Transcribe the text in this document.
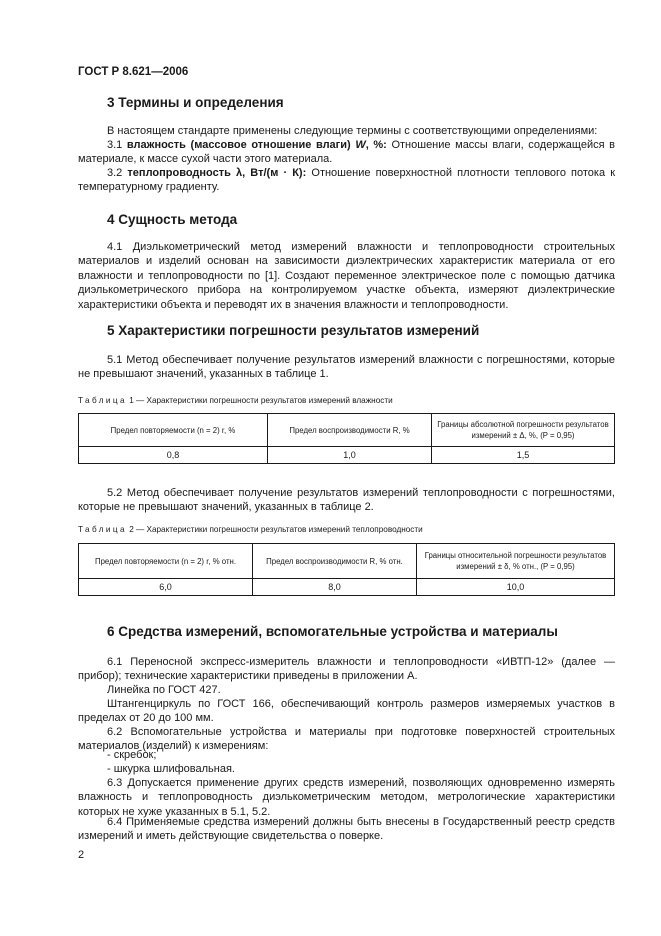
ГОСТ Р 8.621—2006
3 Термины и определения
В настоящем стандарте применены следующие термины с соответствующими определениями:
3.1 влажность (массовое отношение влаги) W, %: Отношение массы влаги, содержащейся в материале, к массе сухой части этого материала.
3.2 теплопроводность λ, Вт/(м · К): Отношение поверхностной плотности теплового потока к температурному градиенту.
4 Сущность метода
4.1 Диэлькометрический метод измерений влажности и теплопроводности строительных материалов и изделий основан на зависимости диэлектрических характеристик материала от его влажности и теплопроводности по [1]. Создают переменное электрическое поле с помощью датчика диэлькометрического прибора на контролируемом участке объекта, измеряют диэлектрические характеристики объекта и переводят их в значения влажности и теплопроводности.
5 Характеристики погрешности результатов измерений
5.1 Метод обеспечивает получение результатов измерений влажности с погрешностями, которые не превышают значений, указанных в таблице 1.
Таблица 1 — Характеристики погрешности результатов измерений влажности
Предел повторяемости (n = 2) r, %	Предел воспроизводимости R, %	Границы абсолютной погрешности результатов измерений ± Δ, %, (P = 0,95)
0,8	1,0	1,5
5.2 Метод обеспечивает получение результатов измерений теплопроводности с погрешностями, которые не превышают значений, указанных в таблице 2.
Таблица 2 — Характеристики погрешности результатов измерений теплопроводности
Предел повторяемости (n = 2) r, % отн.	Предел воспроизводимости R, % отн.	Границы относительной погрешности результатов измерений ± δ, % отн., (P = 0,95)
6,0	8,0	10,0
6 Средства измерений, вспомогательные устройства и материалы
6.1 Переносной экспресс-измеритель влажности и теплопроводности «ИВТП-12» (далее — прибор); технические характеристики приведены в приложении А.
Линейка по ГОСТ 427.
Штангенциркуль по ГОСТ 166, обеспечивающий контроль размеров измеряемых участков в пределах от 20 до 100 мм.
6.2 Вспомогательные устройства и материалы при подготовке поверхностей строительных материалов (изделий) к измерениям:
- скребок;
- шкурка шлифовальная.
6.3 Допускается применение других средств измерений, позволяющих одновременно измерять влажность и теплопроводность диэлькометрическим методом, метрологические характеристики которых не хуже указанных в 5.1, 5.2.
6.4 Применяемые средства измерений должны быть внесены в Государственный реестр средств измерений и иметь действующие свидетельства о поверке.
2
